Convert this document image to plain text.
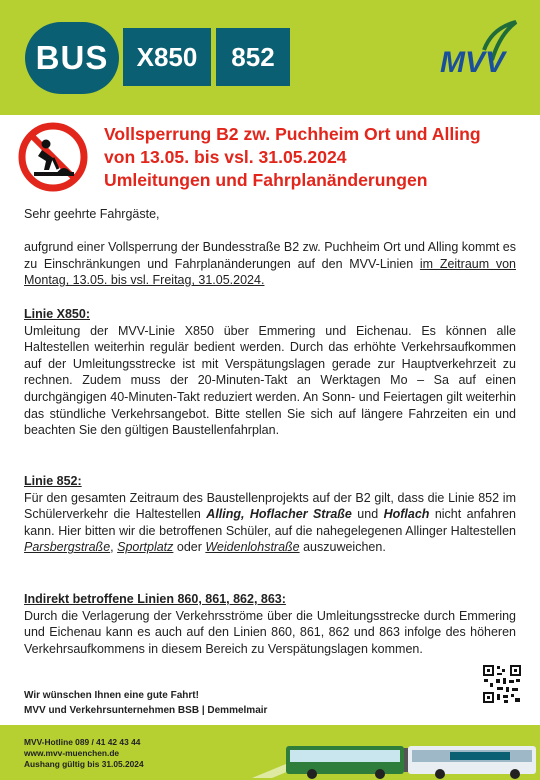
BUS	X850	852	MVV
Vollsperrung B2 zw. Puchheim Ort und Alling
von 13.05. bis vsl. 31.05.2024
Umleitungen und Fahrplanänderungen
Sehr geehrte Fahrgäste,
aufgrund einer Vollsperrung der Bundesstraße B2 zw. Puchheim Ort und Alling kommt es zu Einschränkungen und Fahrplanänderungen auf den MVV-Linien im Zeitraum von Montag, 13.05. bis vsl. Freitag, 31.05.2024.
Linie X850:
Umleitung der MVV-Linie X850 über Emmering und Eichenau. Es können alle Haltestellen weiterhin regulär bedient werden. Durch das erhöhte Verkehrsaufkommen auf der Umleitungsstrecke ist mit Verspätungslagen gerade zur Hauptverkehrzeit zu rechnen. Zudem muss der 20-Minuten-Takt an Werktagen Mo – Sa auf einen durchgängigen 40-Minuten-Takt reduziert werden. An Sonn- und Feiertagen gilt weiterhin das stündliche Verkehrsangebot. Bitte stellen Sie sich auf längere Fahrzeiten ein und beachten Sie den gültigen Baustellenfahrplan.
Linie 852:
Für den gesamten Zeitraum des Baustellenprojekts auf der B2 gilt, dass die Linie 852 im Schülerverkehr die Haltestellen Alling, Hoflacher Straße und Hoflach nicht anfahren kann. Hier bitten wir die betroffenen Schüler, auf die nahegelegenen Allinger Haltestellen Parsbergstraße, Sportplatz oder Weidenlohstraße auszuweichen.
Indirekt betroffene Linien 860, 861, 862, 863:
Durch die Verlagerung der Verkehrsströme über die Umleitungsstrecke durch Emmering und Eichenau kann es auch auf den Linien 860, 861, 862 und 863 infolge des höheren Verkehrsaufkommens in diesem Bereich zu Verspätungslagen kommen.
Wir wünschen Ihnen eine gute Fahrt!
MVV und Verkehrsunternehmen BSB | Demmelmair
MVV-Hotline 089 / 41 42 43 44
www.mvv-muenchen.de
Aushang gültig bis 31.05.2024
